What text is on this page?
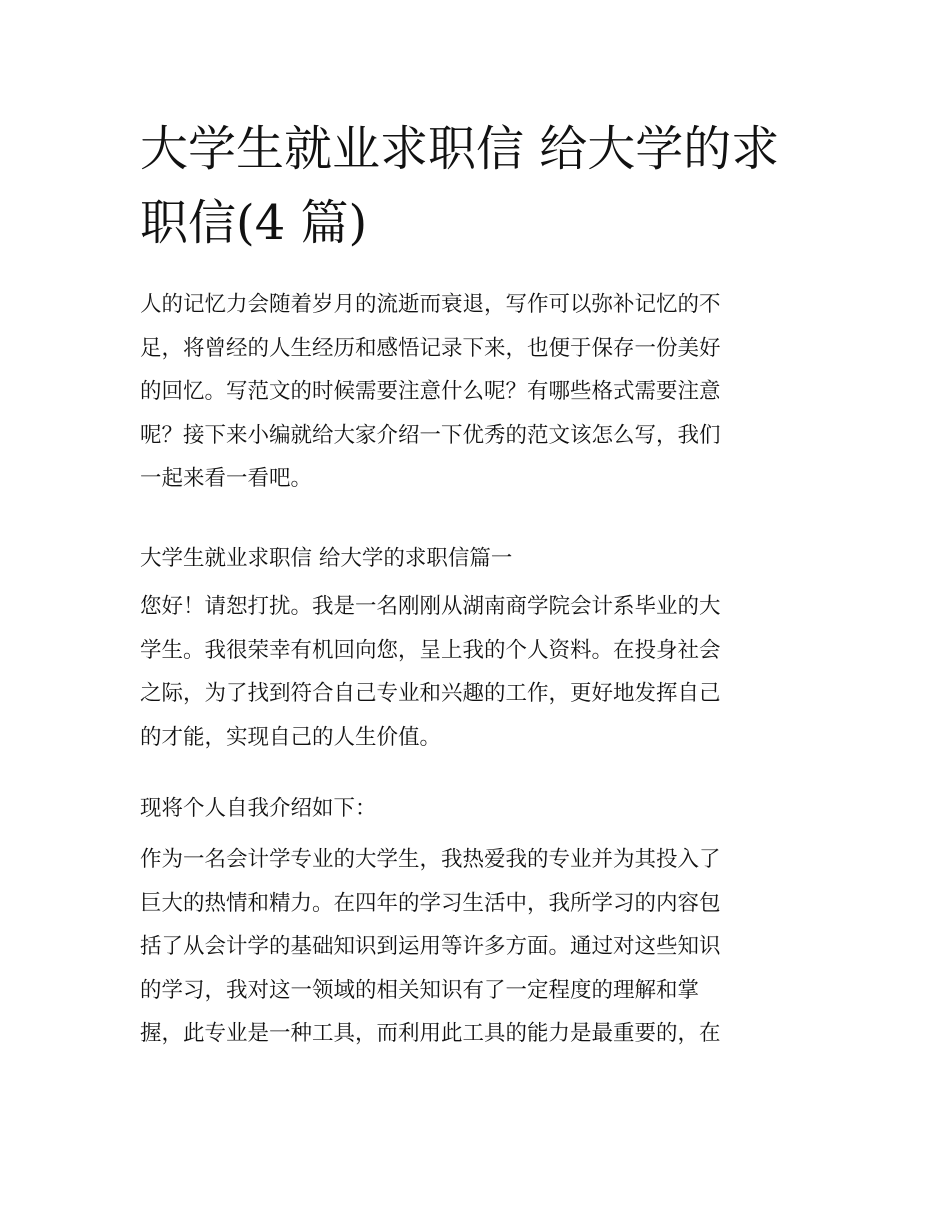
大学生就业求职信 给大学的求
职信(4 篇)
人的记忆力会随着岁月的流逝而衰退，写作可以弥补记忆的不
足，将曾经的人生经历和感悟记录下来，也便于保存一份美好
的回忆。写范文的时候需要注意什么呢？有哪些格式需要注意
呢？接下来小编就给大家介绍一下优秀的范文该怎么写，我们
一起来看一看吧。
大学生就业求职信 给大学的求职信篇一
您好！请恕打扰。我是一名刚刚从湖南商学院会计系毕业的大
学生。我很荣幸有机回向您，呈上我的个人资料。在投身社会
之际，为了找到符合自己专业和兴趣的工作，更好地发挥自己
的才能，实现自己的人生价值。
现将个人自我介绍如下：
作为一名会计学专业的大学生，我热爱我的专业并为其投入了
巨大的热情和精力。在四年的学习生活中，我所学习的内容包
括了从会计学的基础知识到运用等许多方面。通过对这些知识
的学习，我对这一领域的相关知识有了一定程度的理解和掌
握，此专业是一种工具，而利用此工具的能力是最重要的，在
